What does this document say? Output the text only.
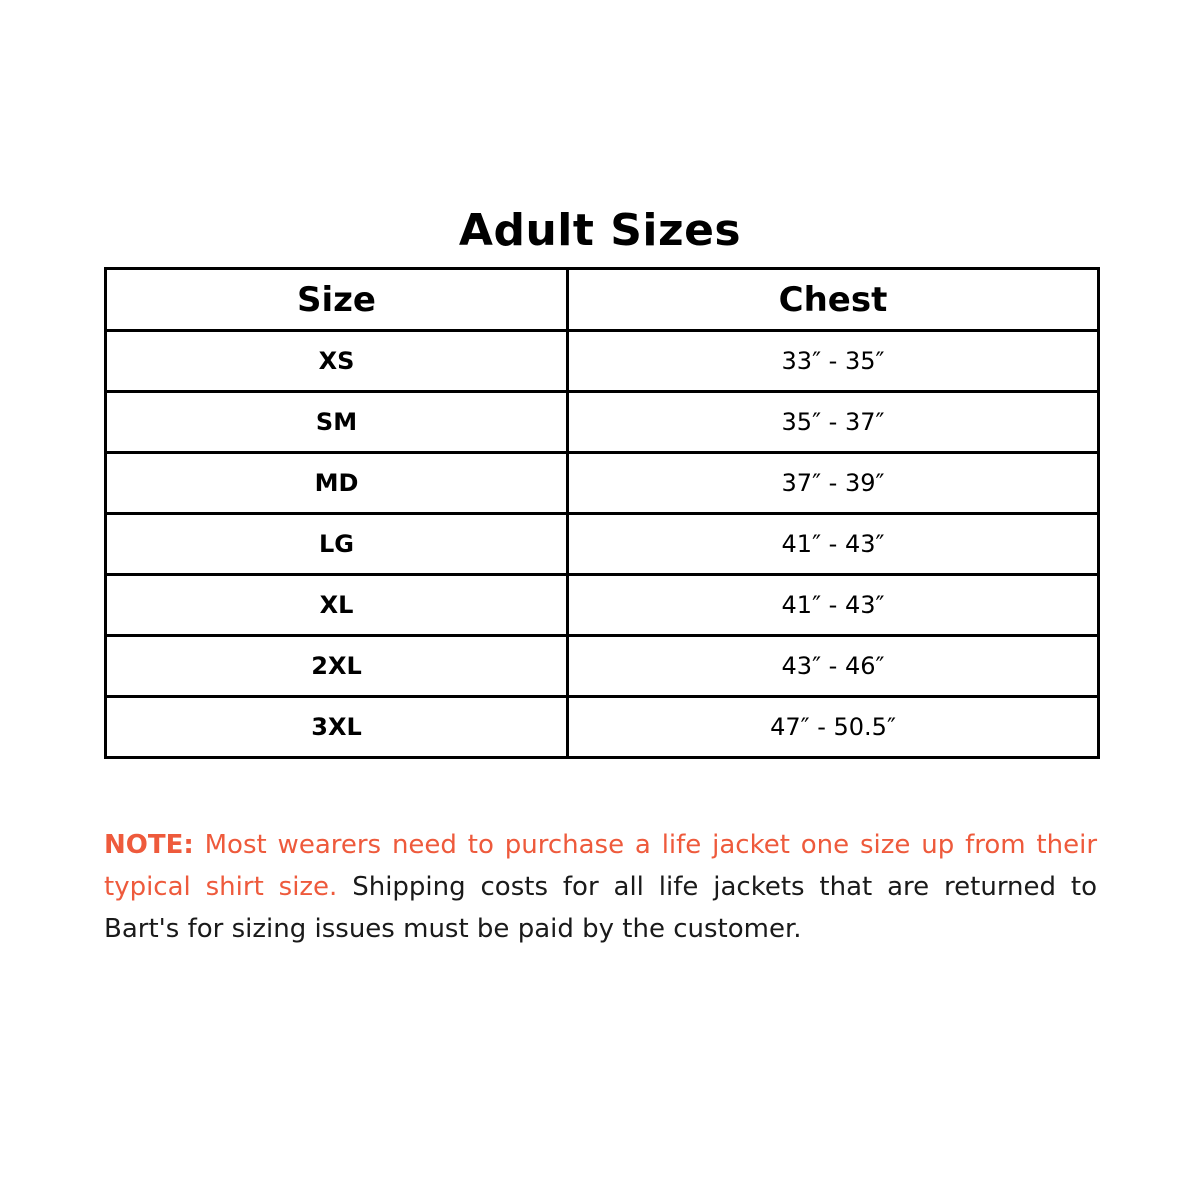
Adult Sizes
Size	Chest
XS	33″ - 35″
SM	35″ - 37″
MD	37″ - 39″
LG	41″ - 43″
XL	41″ - 43″
2XL	43″ - 46″
3XL	47″ - 50.5″

NOTE: Most wearers need to purchase a life jacket one size up from their typical shirt size. Shipping costs for all life jackets that are returned to Bart's for sizing issues must be paid by the customer.
